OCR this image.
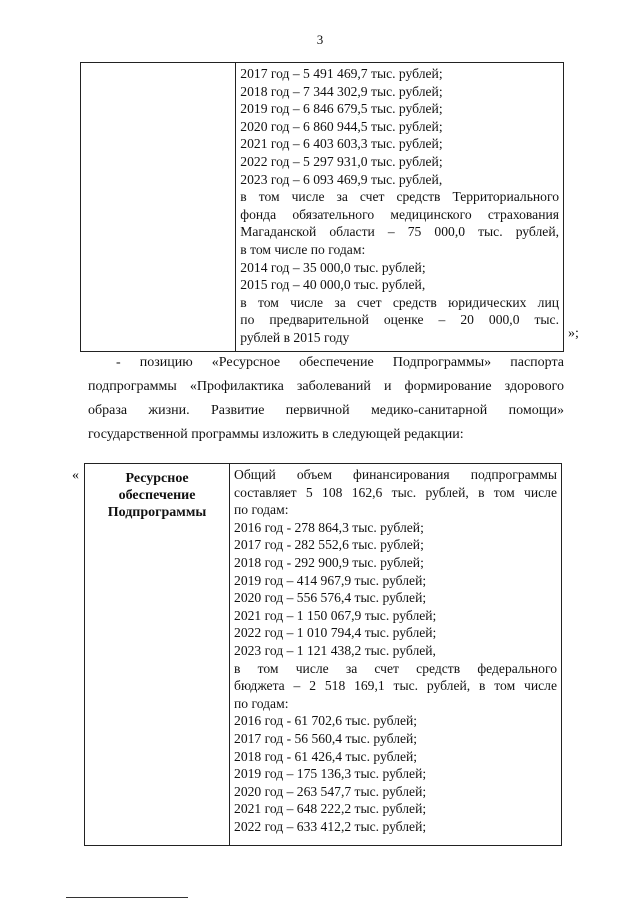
3

2017 год – 5 491 469,7 тыс. рублей;
2018 год – 7 344 302,9 тыс. рублей;
2019 год – 6 846 679,5 тыс. рублей;
2020 год – 6 860 944,5 тыс. рублей;
2021 год – 6 403 603,3 тыс. рублей;
2022 год – 5 297 931,0 тыс. рублей;
2023 год – 6 093 469,9 тыс. рублей,
в том числе за счет средств Территориального
фонда обязательного медицинского страхования
Магаданской области – 75 000,0 тыс. рублей,
в том числе по годам:
2014 год – 35 000,0 тыс. рублей;
2015 год – 40 000,0 тыс. рублей,
в том числе за счет средств юридических лиц
по предварительной оценке – 20 000,0 тыс.
рублей в 2015 году	»;
- позицию «Ресурсное обеспечение Подпрограммы» паспорта
подпрограммы «Профилактика заболеваний и формирование здорового
образа жизни. Развитие первичной медико-санитарной помощи»
государственной программы изложить в следующей редакции:
«	Ресурсное
обеспечение
Подпрограммы

Общий объем финансирования подпрограммы
составляет 5 108 162,6 тыс. рублей, в том числе
по годам:
2016 год - 278 864,3 тыс. рублей;
2017 год - 282 552,6 тыс. рублей;
2018 год - 292 900,9 тыс. рублей;
2019 год – 414 967,9 тыс. рублей;
2020 год – 556 576,4 тыс. рублей;
2021 год – 1 150 067,9 тыс. рублей;
2022 год – 1 010 794,4 тыс. рублей;
2023 год – 1 121 438,2 тыс. рублей,
в том числе за счет средств федерального
бюджета – 2 518 169,1 тыс. рублей, в том числе
по годам:
2016 год - 61 702,6 тыс. рублей;
2017 год - 56 560,4 тыс. рублей;
2018 год - 61 426,4 тыс. рублей;
2019 год – 175 136,3 тыс. рублей;
2020 год – 263 547,7 тыс. рублей;
2021 год – 648 222,2 тыс. рублей;
2022 год – 633 412,2 тыс. рублей;
